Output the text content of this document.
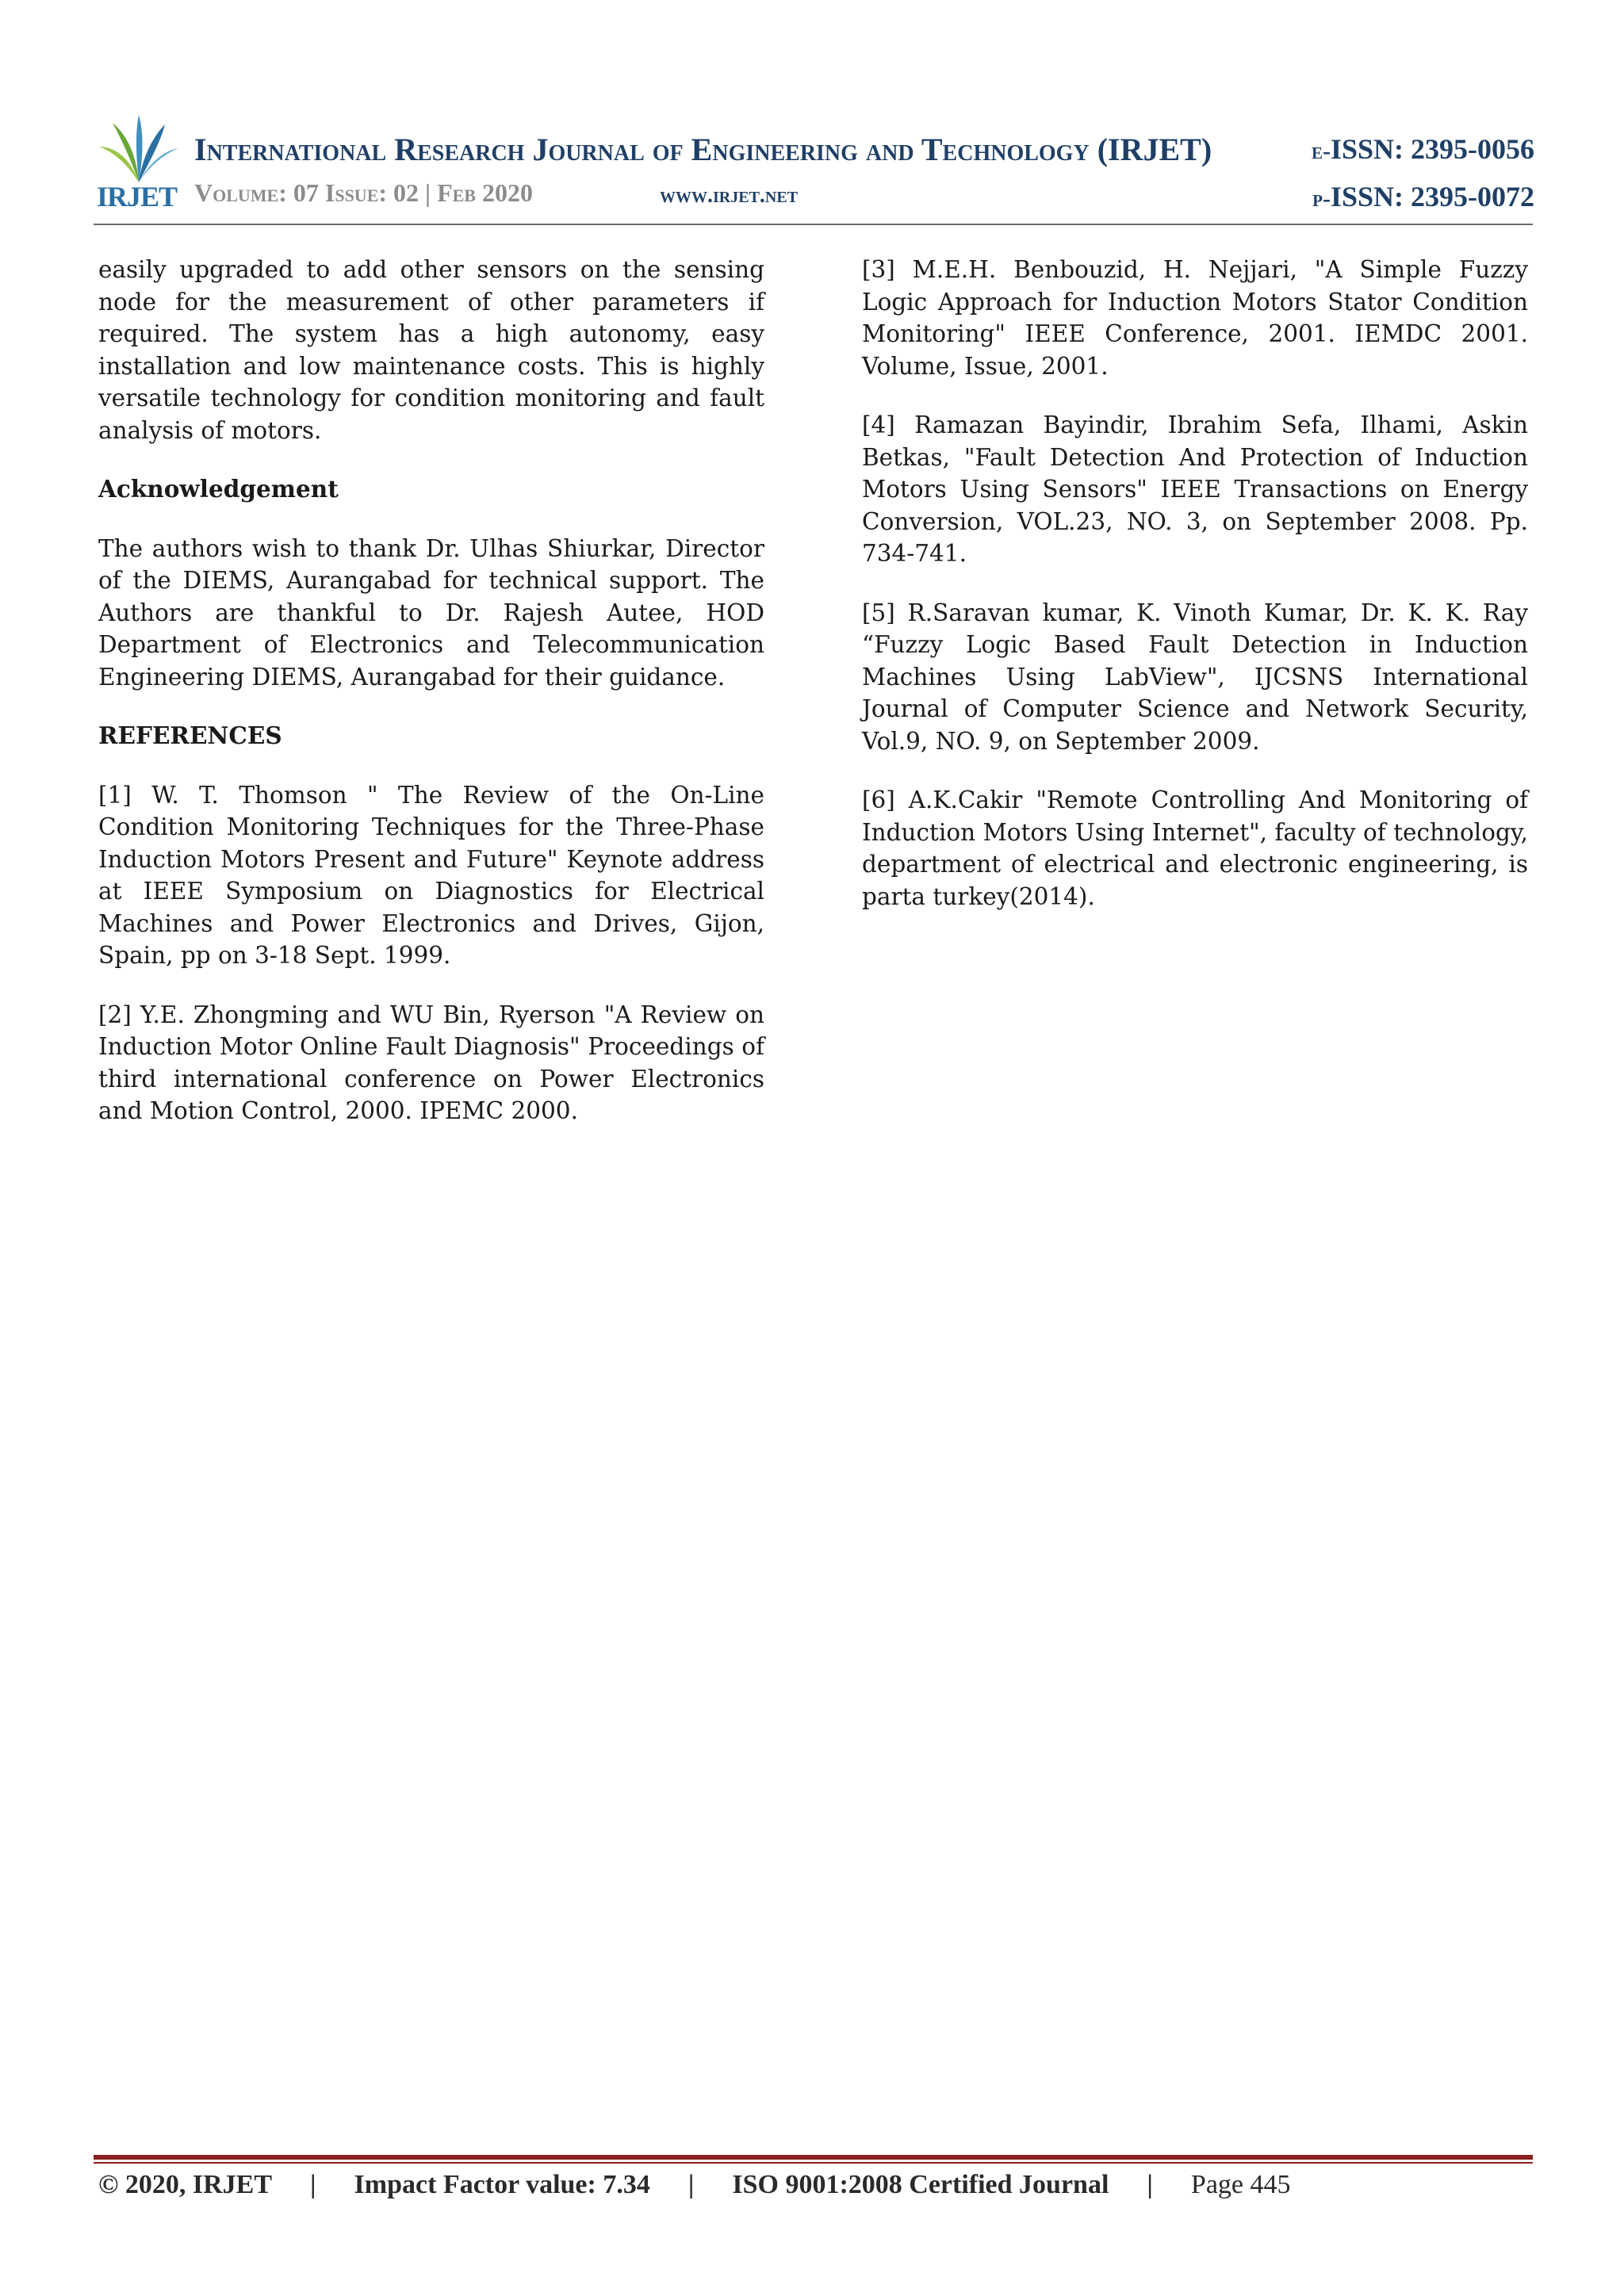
IRJET
International Research Journal of Engineering and Technology (IRJET)	e-ISSN: 2395-0056
Volume: 07 Issue: 02 | Feb 2020	www.irjet.net	p-ISSN: 2395-0072

easily upgraded to add other sensors on the sensing node for the measurement of other parameters if required. The system has a high autonomy, easy installation and low maintenance costs. This is highly versatile technology for condition monitoring and fault analysis of motors.

Acknowledgement

The authors wish to thank Dr. Ulhas Shiurkar, Director of the DIEMS, Aurangabad for technical support. The Authors are thankful to Dr. Rajesh Autee, HOD Department of Electronics and Telecommunication Engineering DIEMS, Aurangabad for their guidance.

REFERENCES

[1] W. T. Thomson " The Review of the On-Line Condition Monitoring Techniques for the Three-Phase Induction Motors Present and Future" Keynote address at IEEE Symposium on Diagnostics for Electrical Machines and Power Electronics and Drives, Gijon, Spain, pp on 3-18 Sept. 1999.

[2] Y.E. Zhongming and WU Bin, Ryerson "A Review on Induction Motor Online Fault Diagnosis" Proceedings of third international conference on Power Electronics and Motion Control, 2000. IPEMC 2000.

[3] M.E.H. Benbouzid, H. Nejjari, "A Simple Fuzzy Logic Approach for Induction Motors Stator Condition Monitoring" IEEE Conference, 2001. IEMDC 2001. Volume, Issue, 2001.

[4] Ramazan Bayindir, Ibrahim Sefa, Ilhami, Askin Betkas, "Fault Detection And Protection of Induction Motors Using Sensors" IEEE Transactions on Energy Conversion, VOL.23, NO. 3, on September 2008. Pp. 734-741.

[5] R.Saravan kumar, K. Vinoth Kumar, Dr. K. K. Ray “Fuzzy Logic Based Fault Detection in Induction Machines Using LabView", IJCSNS International Journal of Computer Science and Network Security, Vol.9, NO. 9, on September 2009.

[6] A.K.Cakir "Remote Controlling And Monitoring of Induction Motors Using Internet", faculty of technology, department of electrical and electronic engineering, is parta turkey(2014).

© 2020, IRJET | Impact Factor value: 7.34 | ISO 9001:2008 Certified Journal | Page 445
